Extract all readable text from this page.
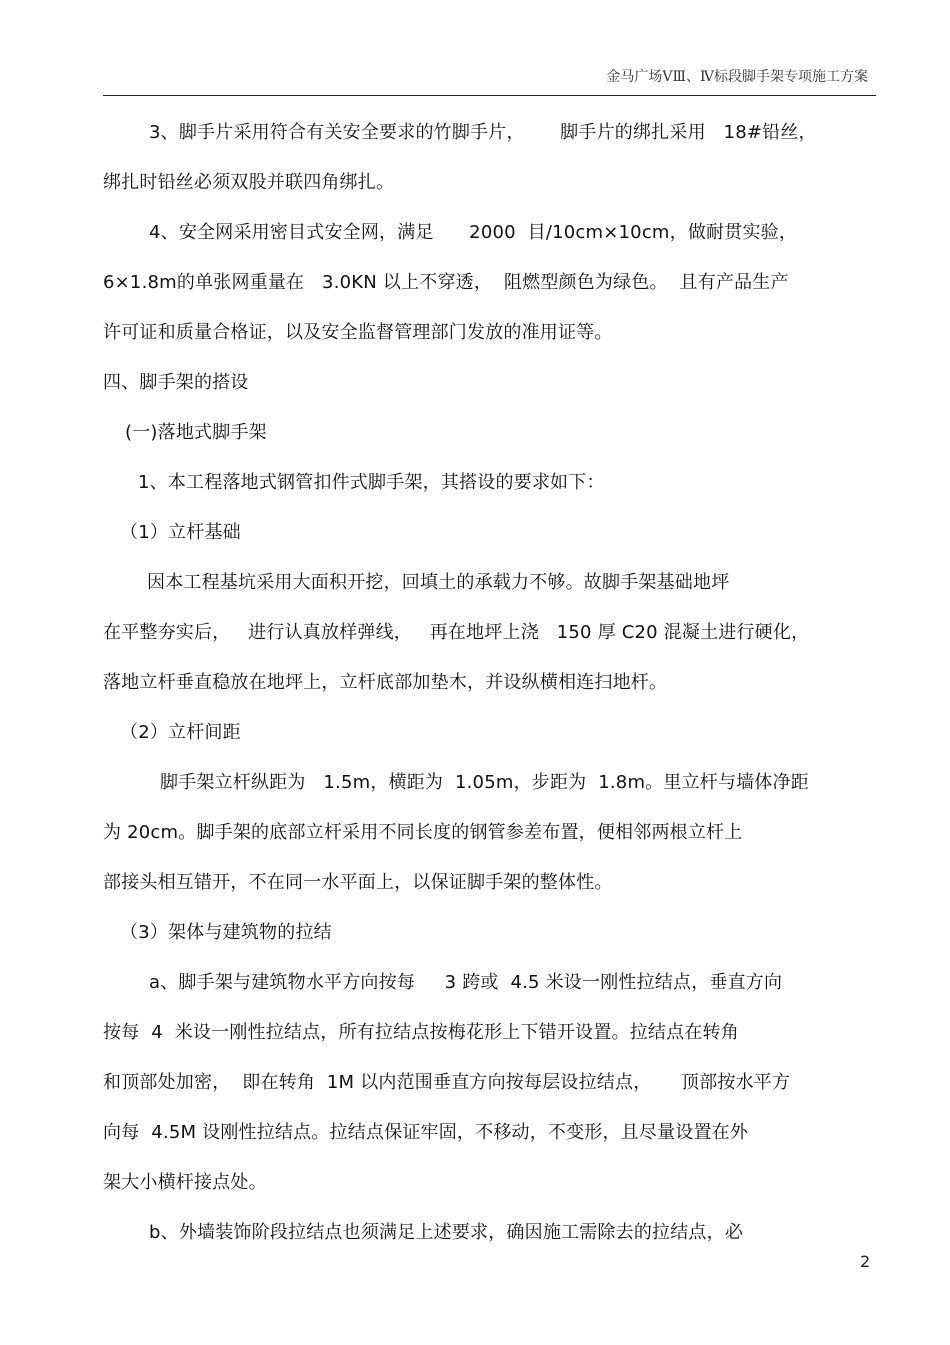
金马广场ⅤⅢ、Ⅳ标段脚手架专项施工方案
3、脚手片采用符合有关安全要求的竹脚手片，      脚手片的绑扎采用   18#铅丝，
绑扎时铅丝必须双股并联四角绑扎。
4、安全网采用密目式安全网，满足      2000  目/10cm×10cm，做耐贯实验，
6×1.8m的单张网重量在   3.0KN 以上不穿透，  阻燃型颜色为绿色。  且有产品生产
许可证和质量合格证，以及安全监督管理部门发放的准用证等。
四、脚手架的搭设
(一)落地式脚手架
1、本工程落地式钢管扣件式脚手架，其搭设的要求如下：
（1）立杆基础
因本工程基坑采用大面积开挖，回填土的承载力不够。故脚手架基础地坪
在平整夯实后，   进行认真放样弹线，   再在地坪上浇   150 厚 C20 混凝土进行硬化，
落地立杆垂直稳放在地坪上，立杆底部加垫木，并设纵横相连扫地杆。
（2）立杆间距
脚手架立杆纵距为   1.5m，横距为  1.05m，步距为  1.8m。里立杆与墙体净距
为 20cm。脚手架的底部立杆采用不同长度的钢管参差布置，便相邻两根立杆上
部接头相互错开，不在同一水平面上，以保证脚手架的整体性。
（3）架体与建筑物的拉结
a、脚手架与建筑物水平方向按每     3 跨或  4.5 米设一刚性拉结点，垂直方向
按每  4  米设一刚性拉结点，所有拉结点按梅花形上下错开设置。拉结点在转角
和顶部处加密，  即在转角  1M 以内范围垂直方向按每层设拉结点，     顶部按水平方
向每  4.5M 设刚性拉结点。拉结点保证牢固，不移动，不变形，且尽量设置在外
架大小横杆接点处。
b、外墙装饰阶段拉结点也须满足上述要求，确因施工需除去的拉结点，必
2
